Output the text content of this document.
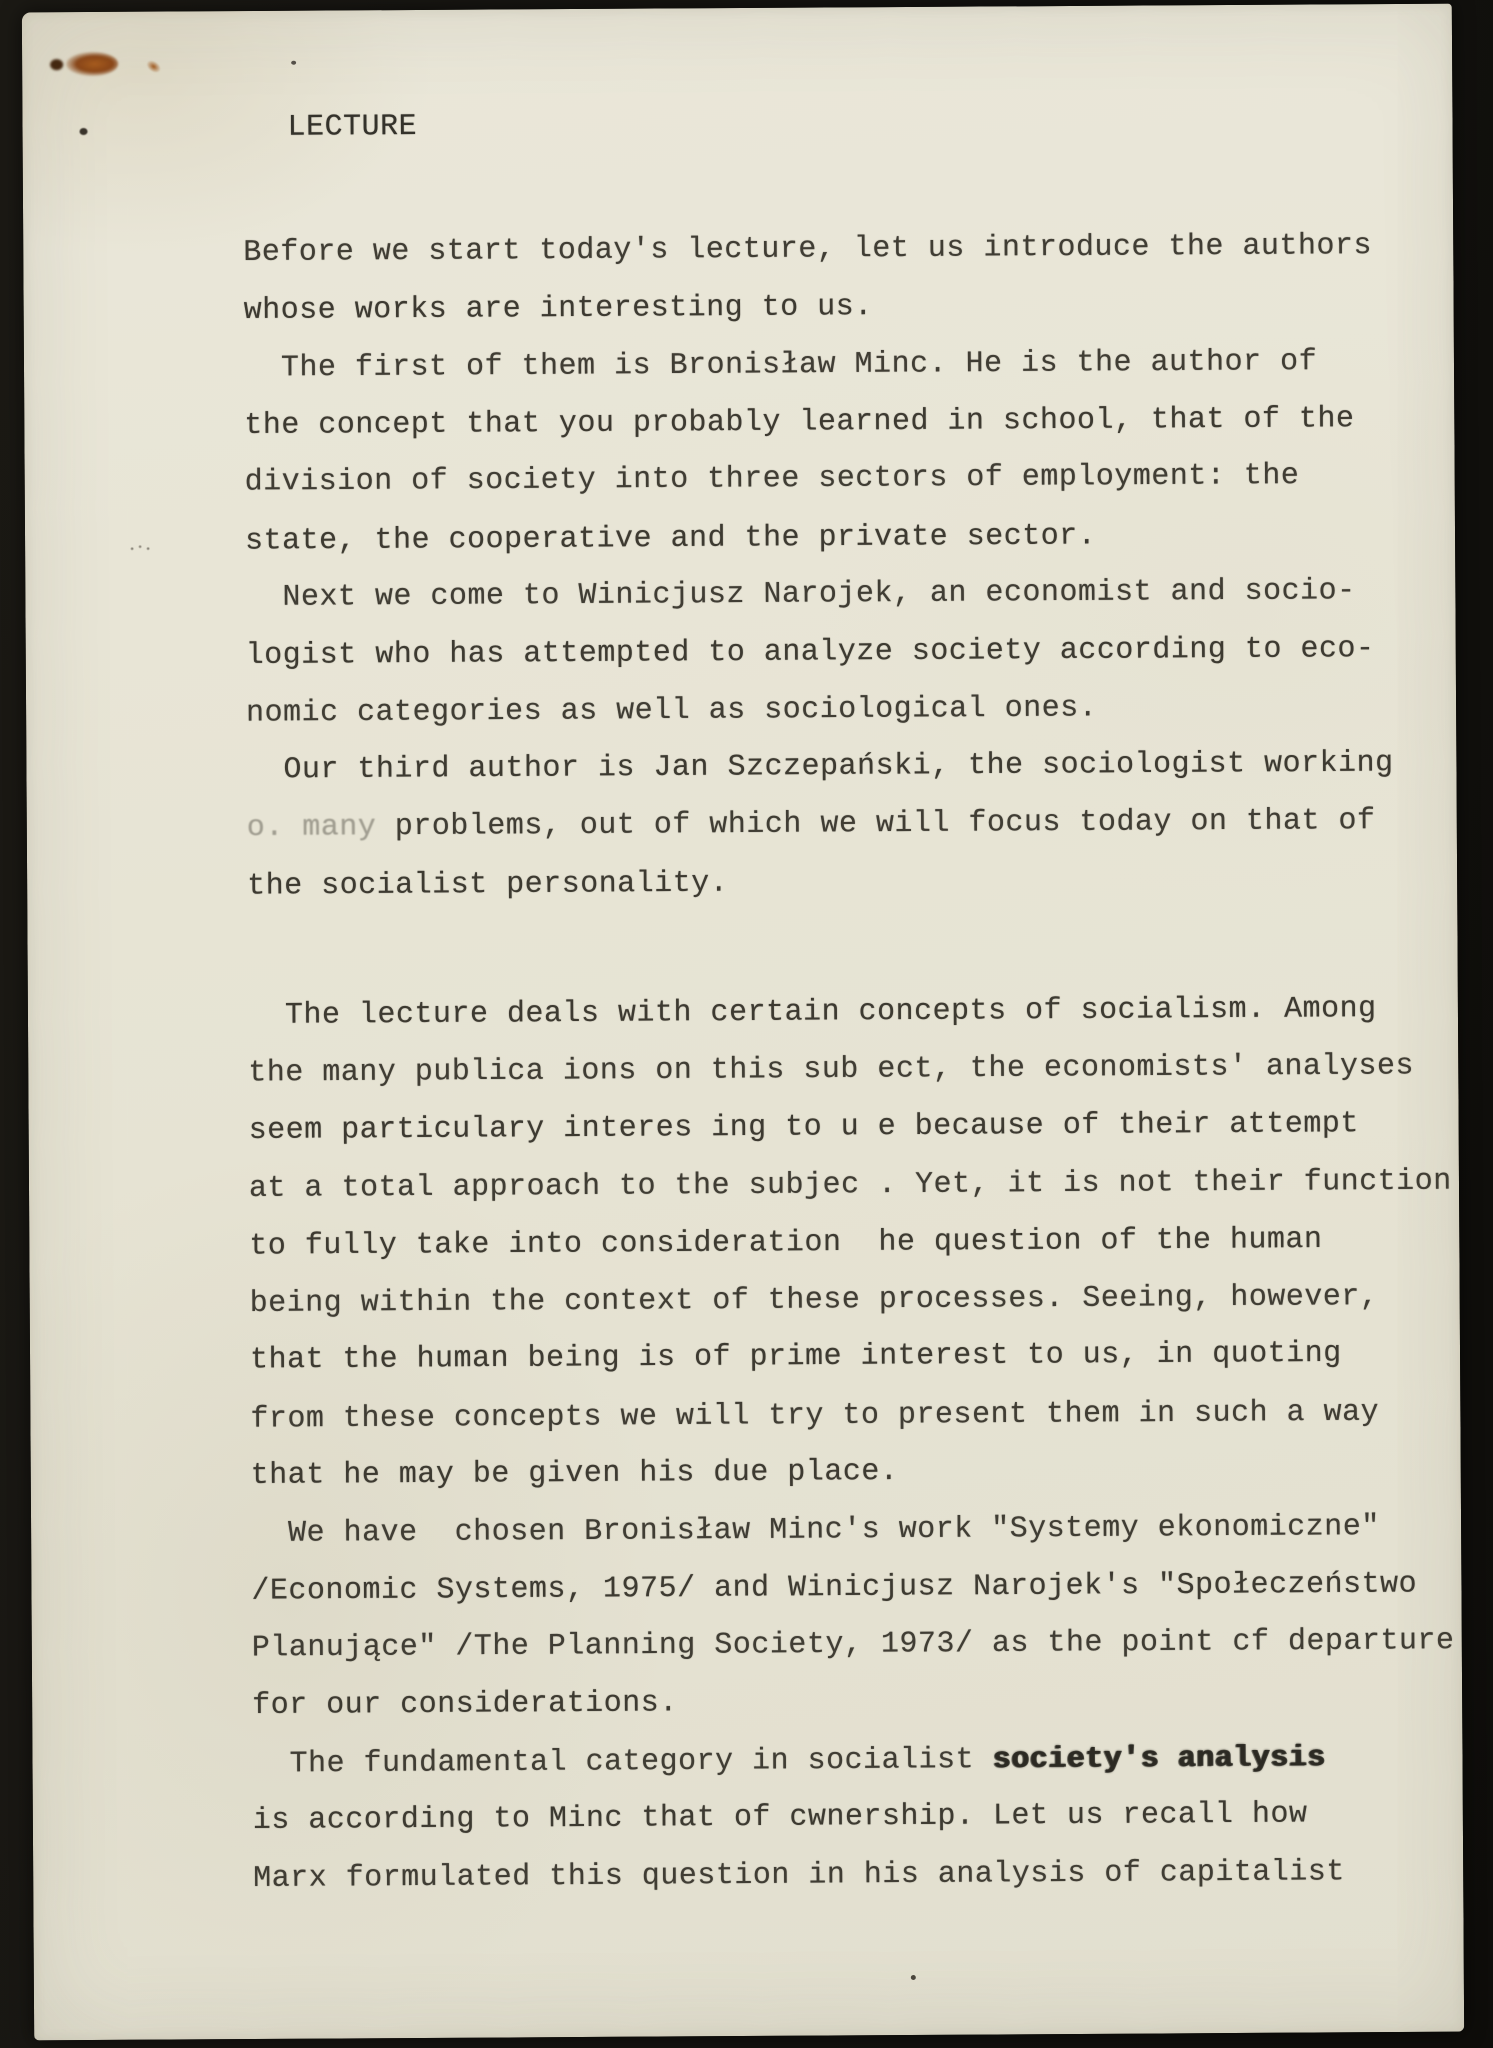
LECTURE
Before we start today's lecture, let us introduce the authors
whose works are interesting to us.
The first of them is Bronisław Minc. He is the author of
the concept that you probably learned in school, that of the
division of society into three sectors of employment: the
state, the cooperative and the private sector.
Next we come to Winicjusz Narojek, an economist and socio-
logist who has attempted to analyze society according to eco-
nomic categories as well as sociological ones.
Our third author is Jan Szczepański, the sociologist working
o. many problems, out of which we will focus today on that of
the socialist personality.
The lecture deals with certain concepts of socialism. Among
the many publica ions on this sub ect, the economists' analyses
seem particulary interes ing to u e because of their attempt
at a total approach to the subjec . Yet, it is not their function
to fully take into consideration  he question of the human
being within the context of these processes. Seeing, however,
that the human being is of prime interest to us, in quoting
from these concepts we will try to present them in such a way
that he may be given his due place.
We have  chosen Bronisław Minc's work "Systemy ekonomiczne"
/Economic Systems, 1975/ and Winicjusz Narojek's "Społeczeństwo
Planujące" /The Planning Society, 1973/ as the point cf departure
for our considerations.
The fundamental category in socialist society's analysis
is according to Minc that of cwnership. Let us recall how
Marx formulated this question in his analysis of capitalist
